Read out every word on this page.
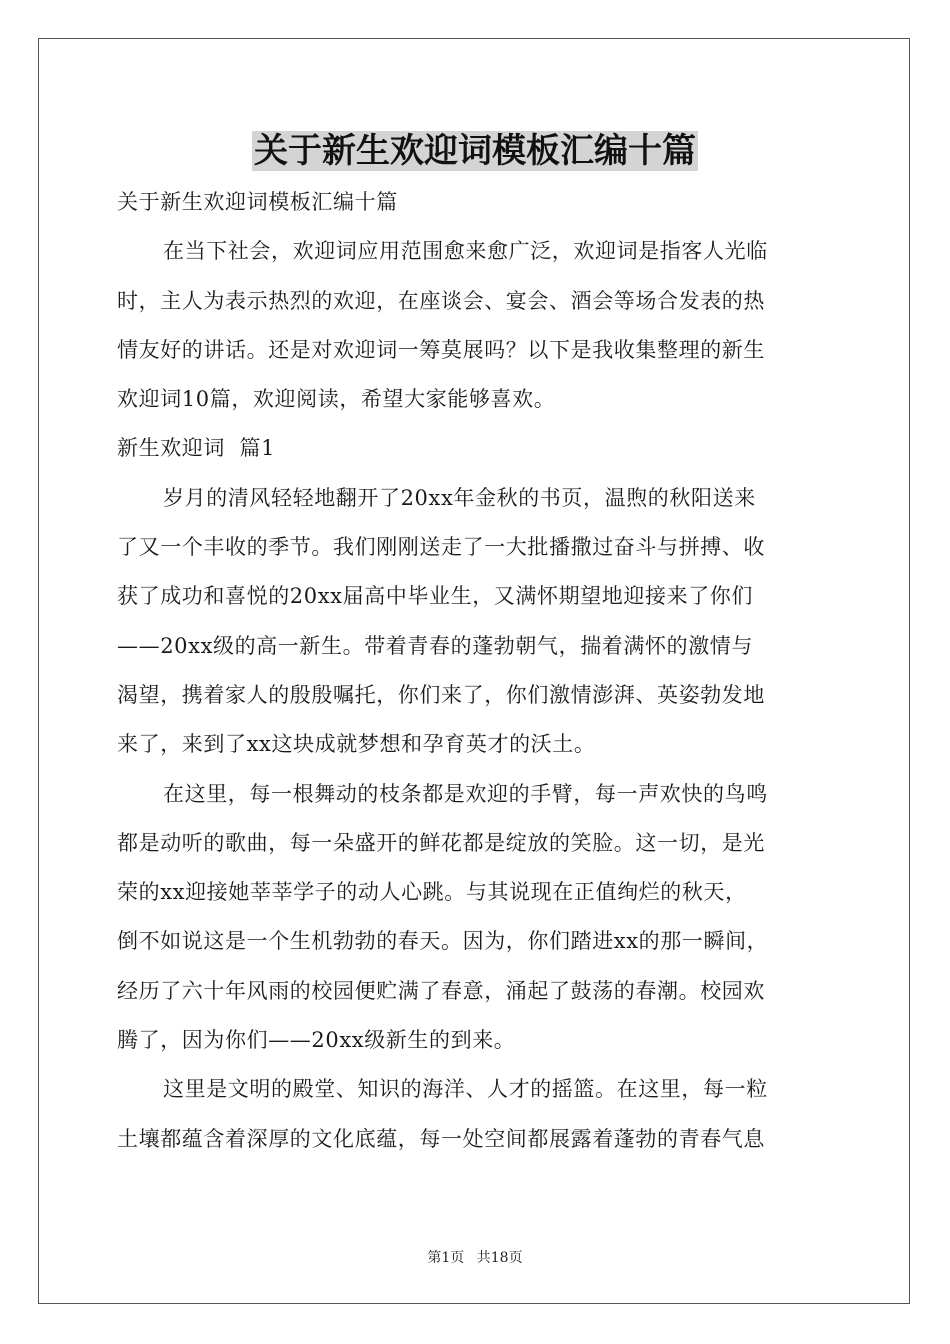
关于新生欢迎词模板汇编十篇

关于新生欢迎词模板汇编十篇

在当下社会，欢迎词应用范围愈来愈广泛，欢迎词是指客人光临

时，主人为表示热烈的欢迎，在座谈会、宴会、酒会等场合发表的热

情友好的讲话。还是对欢迎词一筹莫展吗？以下是我收集整理的新生

欢迎词10篇，欢迎阅读，希望大家能够喜欢。

新生欢迎词  篇1

岁月的清风轻轻地翻开了20xx年金秋的书页，温煦的秋阳送来

了又一个丰收的季节。我们刚刚送走了一大批播撒过奋斗与拼搏、收

获了成功和喜悦的20xx届高中毕业生，又满怀期望地迎接来了你们

——20xx级的高一新生。带着青春的蓬勃朝气，揣着满怀的激情与

渴望，携着家人的殷殷嘱托，你们来了，你们激情澎湃、英姿勃发地

来了，来到了xx这块成就梦想和孕育英才的沃土。

在这里，每一根舞动的枝条都是欢迎的手臂，每一声欢快的鸟鸣

都是动听的歌曲，每一朵盛开的鲜花都是绽放的笑脸。这一切，是光

荣的xx迎接她莘莘学子的动人心跳。与其说现在正值绚烂的秋天，

倒不如说这是一个生机勃勃的春天。因为，你们踏进xx的那一瞬间，

经历了六十年风雨的校园便贮满了春意，涌起了鼓荡的春潮。校园欢

腾了，因为你们——20xx级新生的到来。

这里是文明的殿堂、知识的海洋、人才的摇篮。在这里，每一粒

土壤都蕴含着深厚的文化底蕴，每一处空间都展露着蓬勃的青春气息

第1页 共18页
